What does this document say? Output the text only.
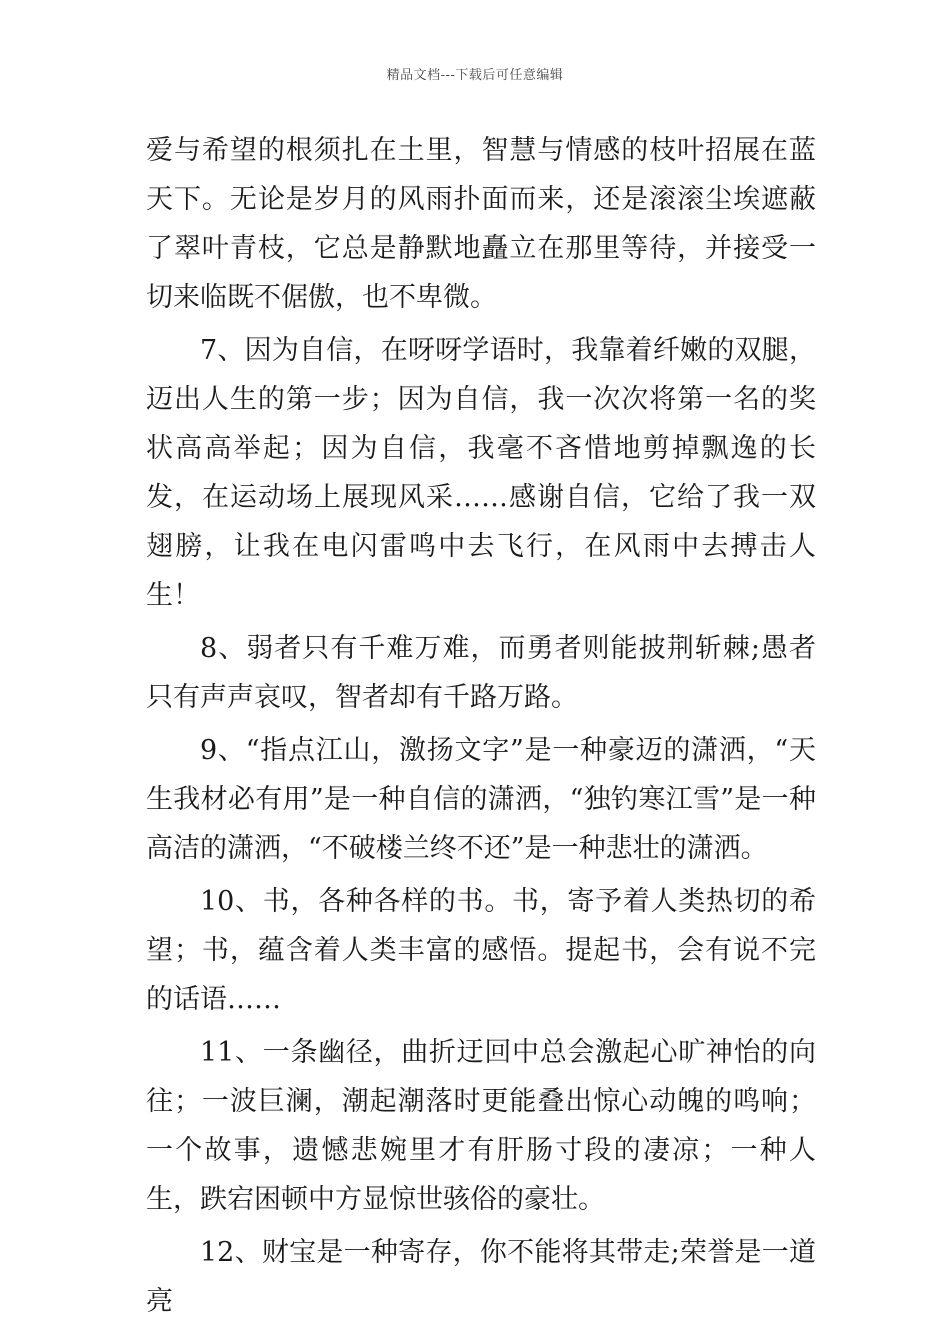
精品文档---下载后可任意编辑

爱与希望的根须扎在土里，智慧与情感的枝叶招展在蓝天下。无论是岁月的风雨扑面而来，还是滚滚尘埃遮蔽了翠叶青枝，它总是静默地矗立在那里等待，并接受一切来临既不倨傲，也不卑微。

7、因为自信，在呀呀学语时，我靠着纤嫩的双腿，迈出人生的第一步；因为自信，我一次次将第一名的奖状高高举起；因为自信，我毫不吝惜地剪掉飘逸的长发，在运动场上展现风采……感谢自信，它给了我一双翅膀，让我在电闪雷鸣中去飞行，在风雨中去搏击人生！

8、弱者只有千难万难，而勇者则能披荆斩棘;愚者只有声声哀叹，智者却有千路万路。

9、“指点江山，激扬文字”是一种豪迈的潇洒，“天生我材必有用”是一种自信的潇洒，“独钓寒江雪”是一种高洁的潇洒，“不破楼兰终不还”是一种悲壮的潇洒。

10、书，各种各样的书。书，寄予着人类热切的希望；书，蕴含着人类丰富的感悟。提起书，会有说不完的话语……

11、一条幽径，曲折迂回中总会激起心旷神怡的向往；一波巨澜，潮起潮落时更能叠出惊心动魄的鸣响；一个故事，遗憾悲婉里才有肝肠寸段的凄凉；一种人生，跌宕困顿中方显惊世骇俗的豪壮。

12、财宝是一种寄存，你不能将其带走;荣誉是一道亮
